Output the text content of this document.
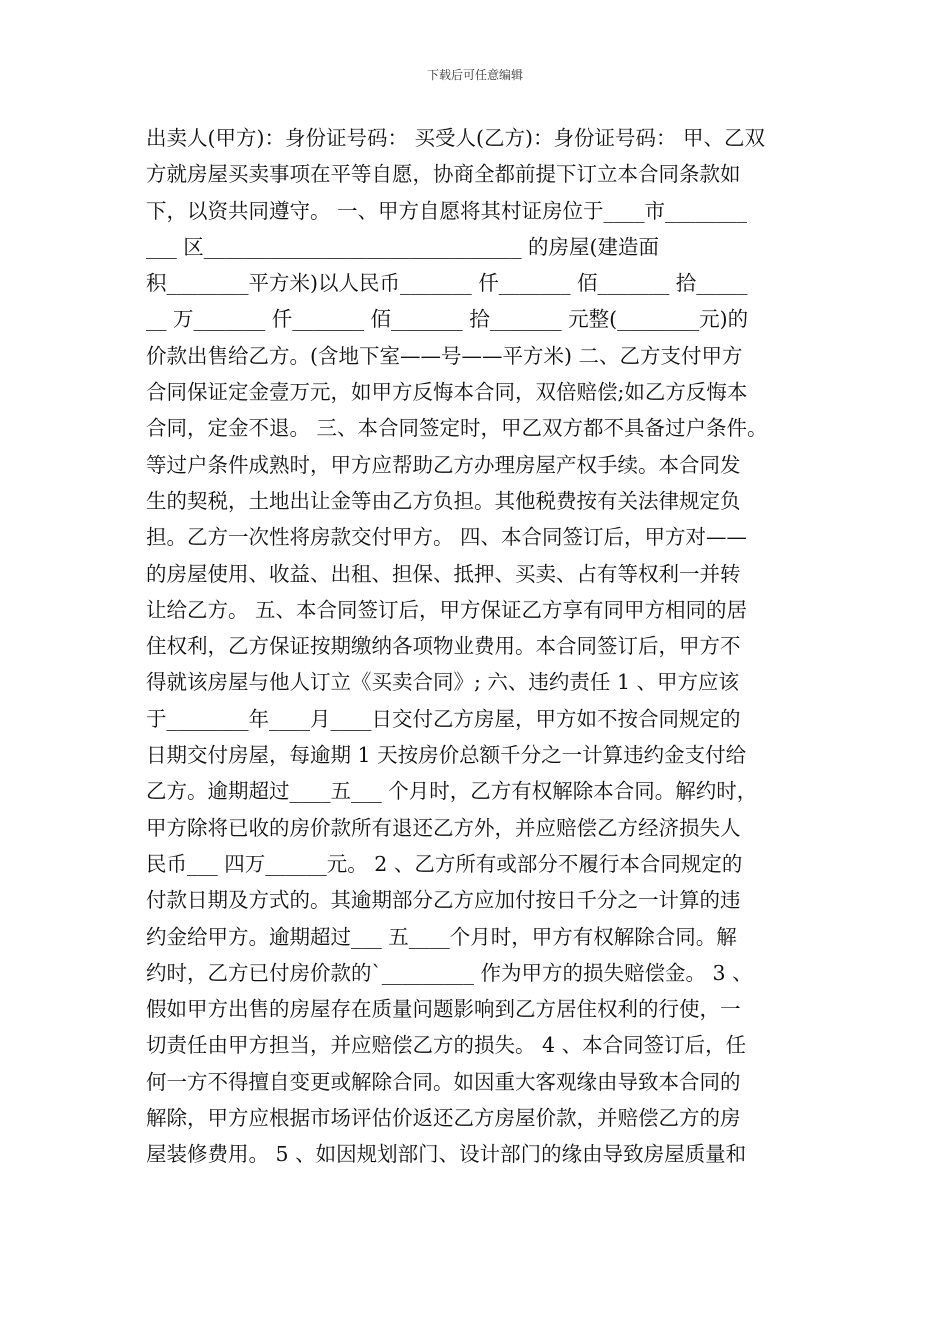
下载后可任意编辑
出卖人(甲方)：身份证号码： 买受人(乙方)：身份证号码： 甲、乙双
方就房屋买卖事项在平等自愿，协商全都前提下订立本合同条款如
下，以资共同遵守。 一、甲方自愿将其村证房位于____市________
___ 区_______________________________ 的房屋(建造面
积________平方米)以人民币_______ 仟_______ 佰_______ 拾_____
__ 万_______ 仟_______ 佰_______ 拾_______ 元整(________元)的
价款出售给乙方。(含地下室——号——平方米) 二、乙方支付甲方
合同保证定金壹万元，如甲方反悔本合同，双倍赔偿;如乙方反悔本
合同，定金不退。 三、本合同签定时，甲乙双方都不具备过户条件。
等过户条件成熟时，甲方应帮助乙方办理房屋产权手续。本合同发
生的契税，土地出让金等由乙方负担。其他税费按有关法律规定负
担。乙方一次性将房款交付甲方。 四、本合同签订后，甲方对——
的房屋使用、收益、出租、担保、抵押、买卖、占有等权利一并转
让给乙方。 五、本合同签订后，甲方保证乙方享有同甲方相同的居
住权利，乙方保证按期缴纳各项物业费用。本合同签订后，甲方不
得就该房屋与他人订立《买卖合同》; 六、违约责任 1 、甲方应该
于________年____月____日交付乙方房屋，甲方如不按合同规定的
日期交付房屋，每逾期 1 天按房价总额千分之一计算违约金支付给
乙方。逾期超过____五___ 个月时，乙方有权解除本合同。解约时，
甲方除将已收的房价款所有退还乙方外，并应赔偿乙方经济损失人
民币___ 四万______元。 2 、乙方所有或部分不履行本合同规定的
付款日期及方式的。其逾期部分乙方应加付按日千分之一计算的违
约金给甲方。逾期超过___ 五____个月时，甲方有权解除合同。解
约时，乙方已付房价款的`_________ 作为甲方的损失赔偿金。 3 、
假如甲方出售的房屋存在质量问题影响到乙方居住权利的行使，一
切责任由甲方担当，并应赔偿乙方的损失。 4 、本合同签订后，任
何一方不得擅自变更或解除合同。如因重大客观缘由导致本合同的
解除，甲方应根据市场评估价返还乙方房屋价款，并赔偿乙方的房
屋装修费用。 5 、如因规划部门、设计部门的缘由导致房屋质量和
